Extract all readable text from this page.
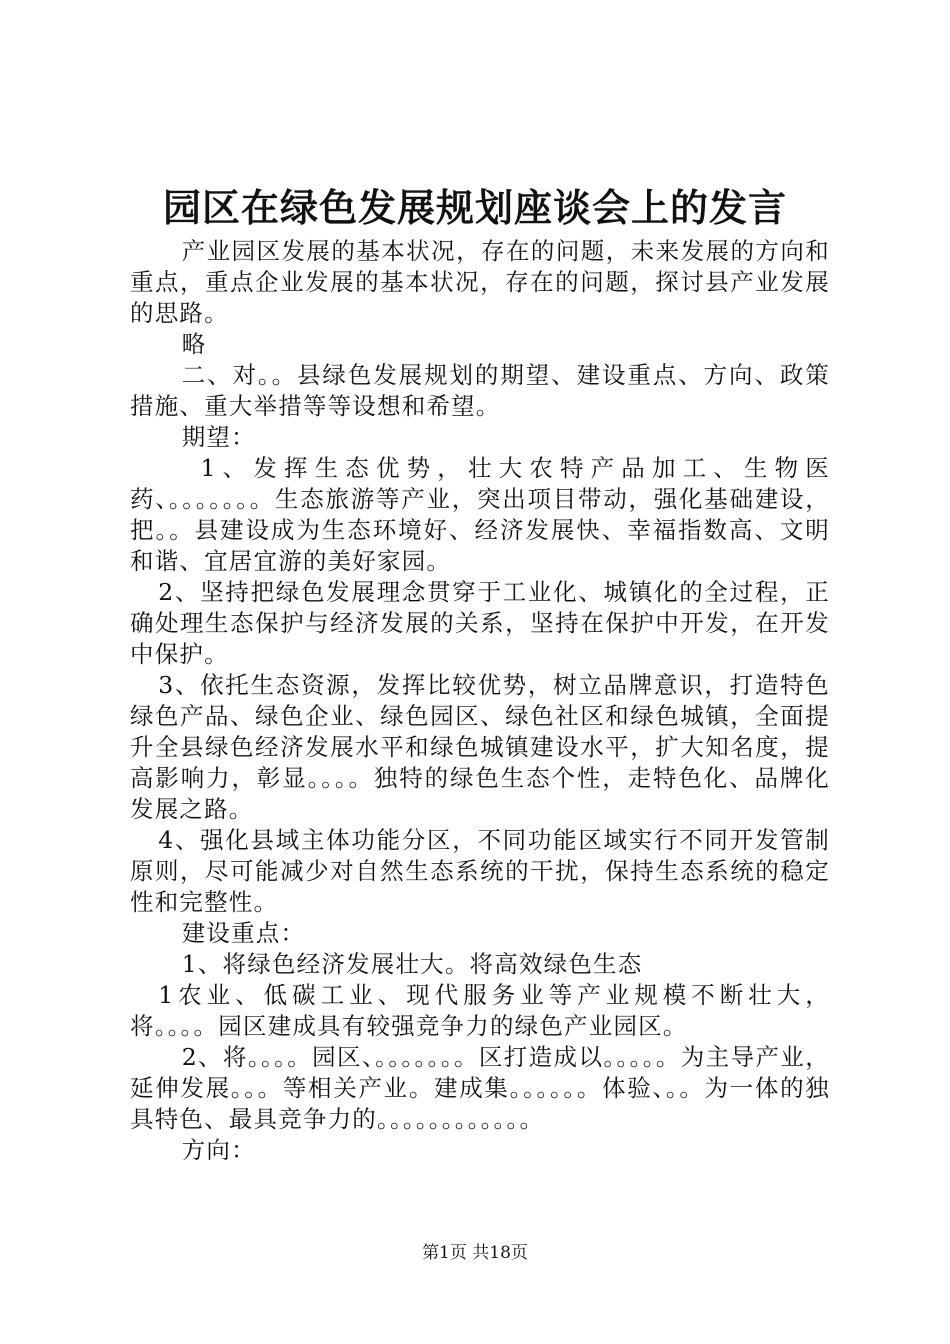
园区在绿色发展规划座谈会上的发言

产业园区发展的基本状况，存在的问题，未来发展的方向和重点，重点企业发展的基本状况，存在的问题，探讨县产业发展的思路。

略

二、对。。县绿色发展规划的期望、建设重点、方向、政策措施、重大举措等等设想和希望。

期望：

1、发挥生态优势，壮大农特产品加工、生物医药、。。。。。。。生态旅游等产业，突出项目带动，强化基础建设，把。。县建设成为生态环境好、经济发展快、幸福指数高、文明和谐、宜居宜游的美好家园。

2、坚持把绿色发展理念贯穿于工业化、城镇化的全过程，正确处理生态保护与经济发展的关系，坚持在保护中开发，在开发中保护。

3、依托生态资源，发挥比较优势，树立品牌意识，打造特色绿色产品、绿色企业、绿色园区、绿色社区和绿色城镇，全面提升全县绿色经济发展水平和绿色城镇建设水平，扩大知名度，提高影响力，彰显。。。。独特的绿色生态个性，走特色化、品牌化发展之路。

4、强化县域主体功能分区，不同功能区域实行不同开发管制原则，尽可能减少对自然生态系统的干扰，保持生态系统的稳定性和完整性。

建设重点：

1、将绿色经济发展壮大。将高效绿色生态

1农业、低碳工业、现代服务业等产业规模不断壮大，将。。。。园区建成具有较强竞争力的绿色产业园区。

2、将。。。。园区、。。。。。。。区打造成以。。。。。为主导产业，延伸发展。。。等相关产业。建成集。。。。。。体验、。。为一体的独具特色、最具竞争力的。。。。。。。。。。。。

方向：

第1页 共18页
